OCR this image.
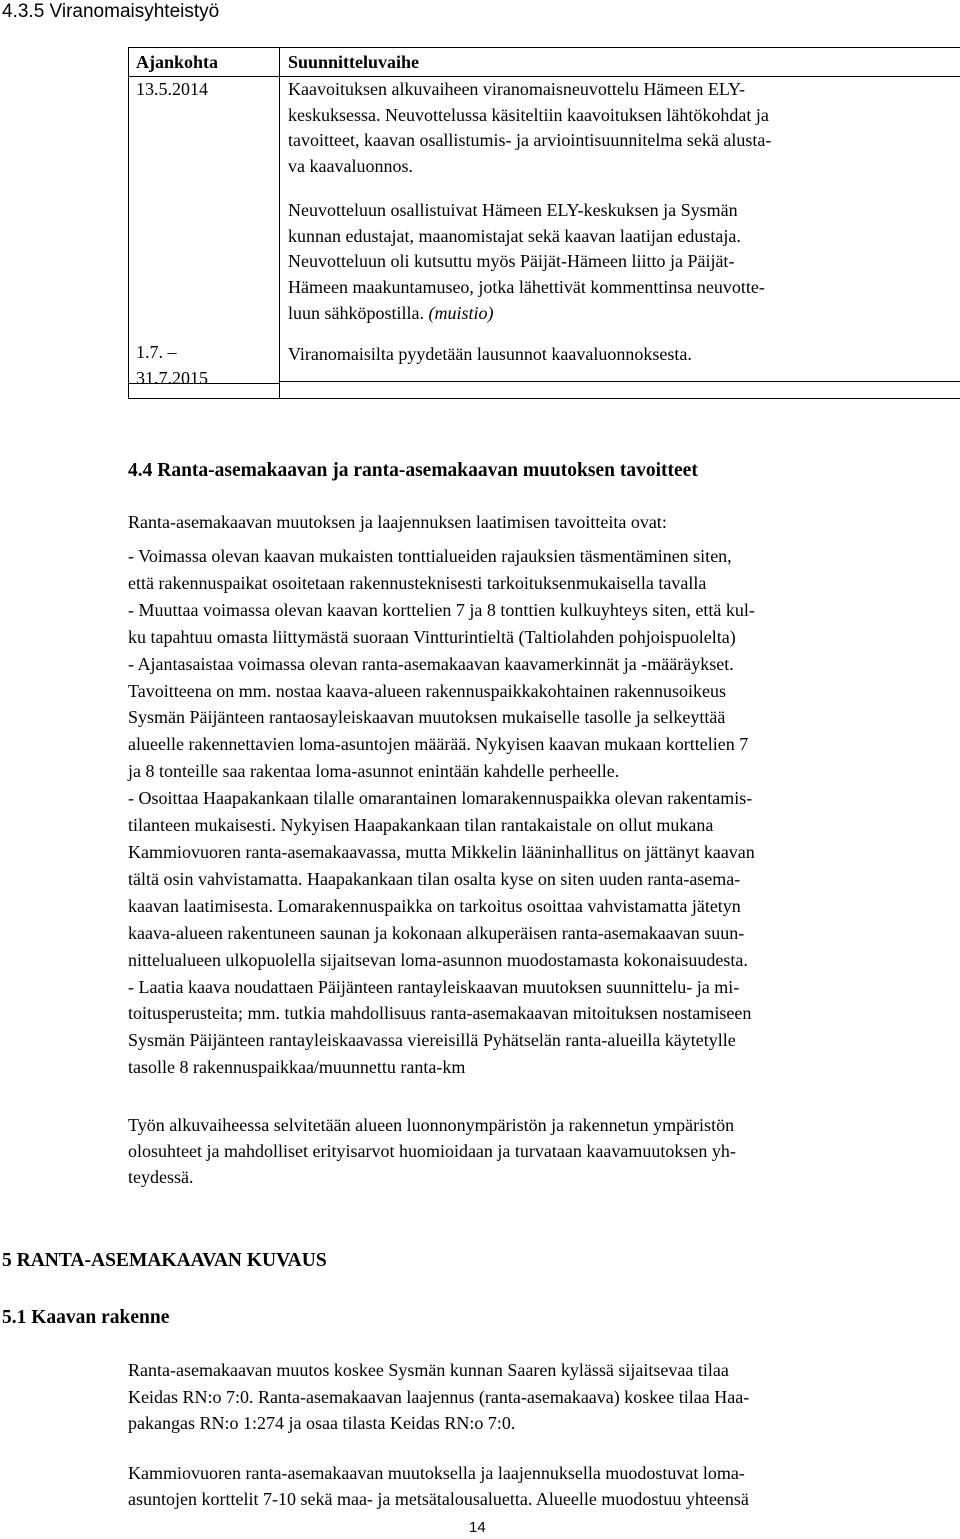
4.3.5 Viranomaisyhteistyö
Ajankohta	Suunnitteluvaihe
13.5.2014	Kaavoituksen alkuvaiheen viranomaisneuvottelu Hämeen ELY-
keskuksessa. Neuvottelussa käsiteltiin kaavoituksen lähtökohdat ja
tavoitteet, kaavan osallistumis- ja arviointisuunnitelma sekä alusta-
va kaavaluonnos.
Neuvotteluun osallistuivat Hämeen ELY-keskuksen ja Sysmän
kunnan edustajat, maanomistajat sekä kaavan laatijan edustaja.
Neuvotteluun oli kutsuttu myös Päijät-Hämeen liitto ja Päijät-
Hämeen maakuntamuseo, jotka lähettivät kommenttinsa neuvotte-
luun sähköpostilla. (muistio)
1.7. –
31.7.2015
Viranomaisilta pyydetään lausunnot kaavaluonnoksesta.
4.4 Ranta-asemakaavan ja ranta-asemakaavan muutoksen tavoitteet
Ranta-asemakaavan muutoksen ja laajennuksen laatimisen tavoitteita ovat:
- Voimassa olevan kaavan mukaisten tonttialueiden rajauksien täsmentäminen siten,
että rakennuspaikat osoitetaan rakennusteknisesti tarkoituksenmukaisella tavalla
- Muuttaa voimassa olevan kaavan korttelien 7 ja 8 tonttien kulkuyhteys siten, että kul-
ku tapahtuu omasta liittymästä suoraan Vintturintieltä (Taltiolahden pohjoispuolelta)
- Ajantasaistaa voimassa olevan ranta-asemakaavan kaavamerkinnät ja -määräykset.
Tavoitteena on mm. nostaa kaava-alueen rakennuspaikkakohtainen rakennusoikeus
Sysmän Päijänteen rantaosayleiskaavan muutoksen mukaiselle tasolle ja selkeyttää
alueelle rakennettavien loma-asuntojen määrää. Nykyisen kaavan mukaan korttelien 7
ja 8 tonteille saa rakentaa loma-asunnot enintään kahdelle perheelle.
- Osoittaa Haapakankaan tilalle omarantainen lomarakennuspaikka olevan rakentamis-
tilanteen mukaisesti. Nykyisen Haapakankaan tilan rantakaistale on ollut mukana
Kammiovuoren ranta-asemakaavassa, mutta Mikkelin lääninhallitus on jättänyt kaavan
tältä osin vahvistamatta. Haapakankaan tilan osalta kyse on siten uuden ranta-asema-
kaavan laatimisesta. Lomarakennuspaikka on tarkoitus osoittaa vahvistamatta jätetyn
kaava-alueen rakentuneen saunan ja kokonaan alkuperäisen ranta-asemakaavan suun-
nittelualueen ulkopuolella sijaitsevan loma-asunnon muodostamasta kokonaisuudesta.
- Laatia kaava noudattaen Päijänteen rantayleiskaavan muutoksen suunnittelu- ja mi-
toitusperusteita; mm. tutkia mahdollisuus ranta-asemakaavan mitoituksen nostamiseen
Sysmän Päijänteen rantayleiskaavassa viereisillä Pyhätselän ranta-alueilla käytetylle
tasolle 8 rakennuspaikkaa/muunnettu ranta-km
Työn alkuvaiheessa selvitetään alueen luonnonympäristön ja rakennetun ympäristön
olosuhteet ja mahdolliset erityisarvot huomioidaan ja turvataan kaavamuutoksen yh-
teydessä.
5 RANTA-ASEMAKAAVAN KUVAUS
5.1 Kaavan rakenne
Ranta-asemakaavan muutos koskee Sysmän kunnan Saaren kylässä sijaitsevaa tilaa
Keidas RN:o 7:0. Ranta-asemakaavan laajennus (ranta-asemakaava) koskee tilaa Haa-
pakangas RN:o 1:274 ja osaa tilasta Keidas RN:o 7:0.
Kammiovuoren ranta-asemakaavan muutoksella ja laajennuksella muodostuvat loma-
asuntojen korttelit 7-10 sekä maa- ja metsätalousaluetta. Alueelle muodostuu yhteensä
14
